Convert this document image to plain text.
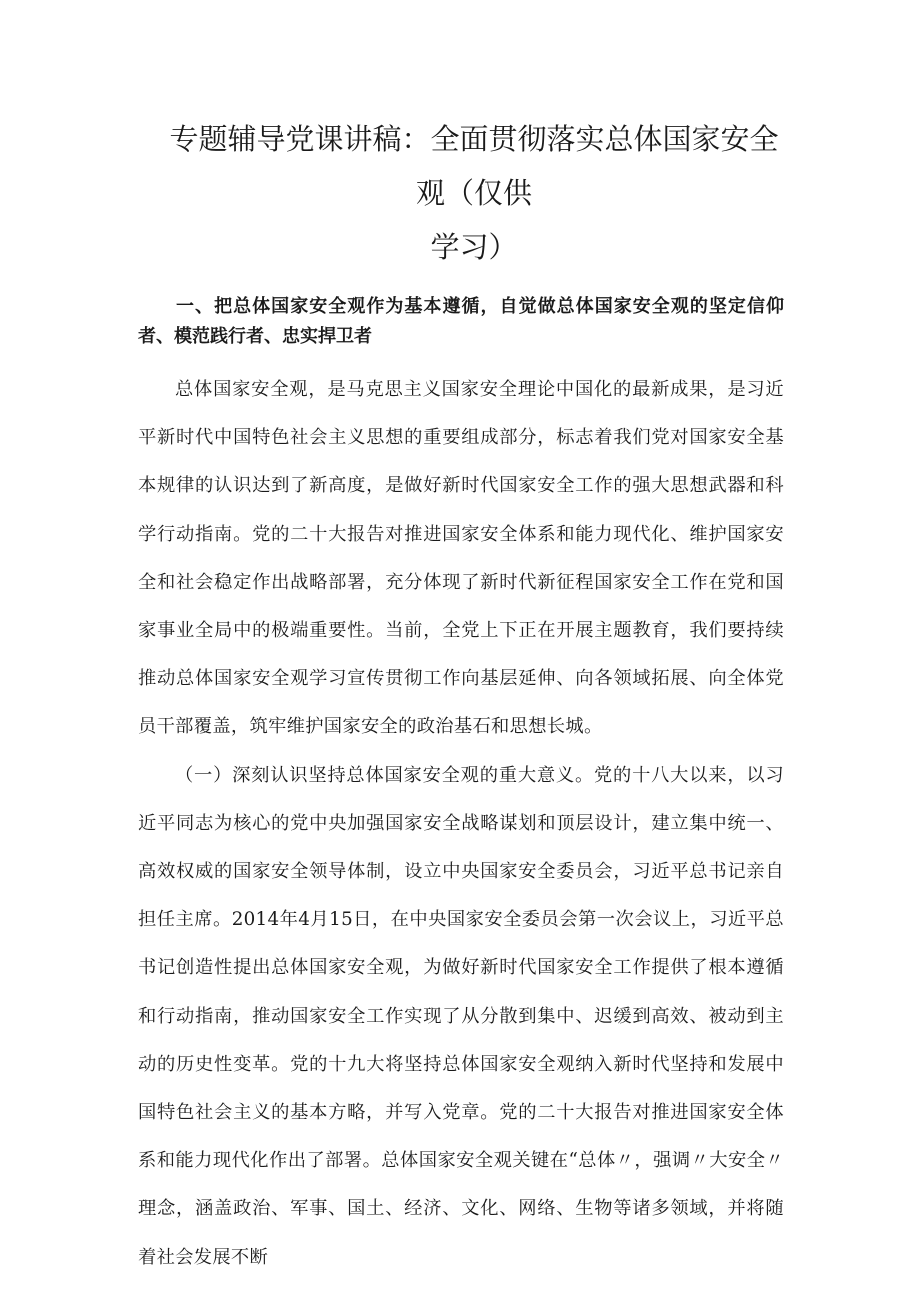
专题辅导党课讲稿：全面贯彻落实总体国家安全观（仅供
学习）
一、把总体国家安全观作为基本遵循，自觉做总体国家安全观的坚定信仰者、模范践行者、忠实捍卫者

总体国家安全观，是马克思主义国家安全理论中国化的最新成果，是习近平新时代中国特色社会主义思想的重要组成部分，标志着我们党对国家安全基本规律的认识达到了新高度，是做好新时代国家安全工作的强大思想武器和科学行动指南。党的二十大报告对推进国家安全体系和能力现代化、维护国家安全和社会稳定作出战略部署，充分体现了新时代新征程国家安全工作在党和国家事业全局中的极端重要性。当前，全党上下正在开展主题教育，我们要持续推动总体国家安全观学习宣传贯彻工作向基层延伸、向各领域拓展、向全体党员干部覆盖，筑牢维护国家安全的政治基石和思想长城。

（一）深刻认识坚持总体国家安全观的重大意义。党的十八大以来，以习近平同志为核心的党中央加强国家安全战略谋划和顶层设计，建立集中统一、高效权威的国家安全领导体制，设立中央国家安全委员会，习近平总书记亲自担任主席。2014年4月15日，在中央国家安全委员会第一次会议上，习近平总书记创造性提出总体国家安全观，为做好新时代国家安全工作提供了根本遵循和行动指南，推动国家安全工作实现了从分散到集中、迟缓到高效、被动到主动的历史性变革。党的十九大将坚持总体国家安全观纳入新时代坚持和发展中国特色社会主义的基本方略，并写入党章。党的二十大报告对推进国家安全体系和能力现代化作出了部署。总体国家安全观关键在“总体〃，强调〃大安全〃理念，涵盖政治、军事、国土、经济、文化、网络、生物等诸多领域，并将随着社会发展不断
